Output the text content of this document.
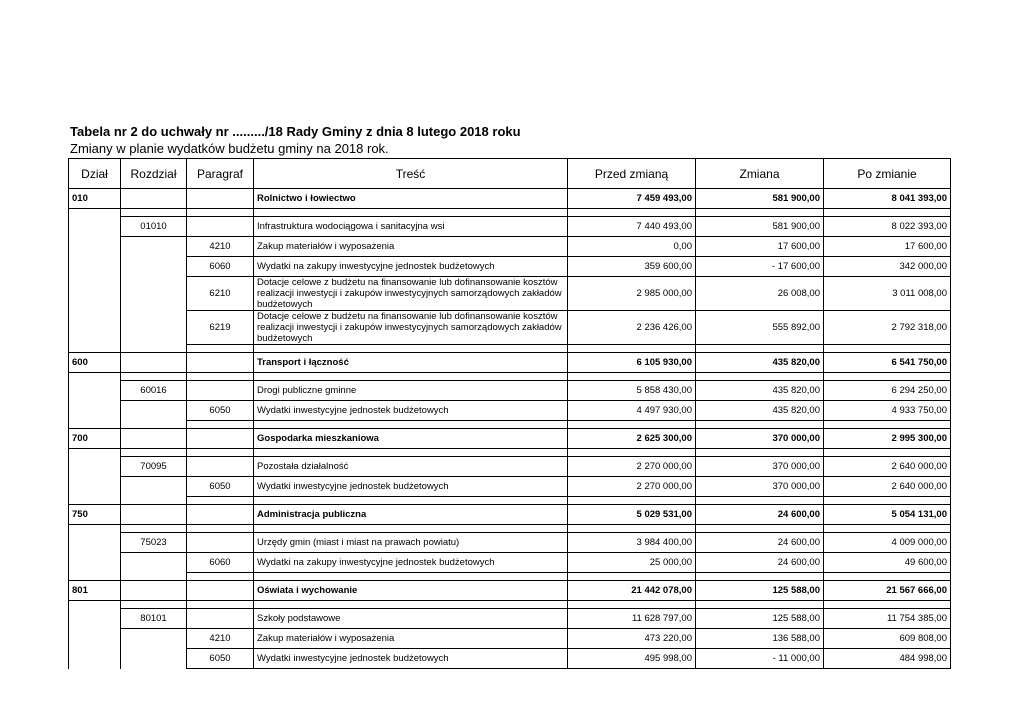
Tabela nr 2 do uchwały nr ........./18 Rady Gminy z dnia 8 lutego 2018 roku
Zmiany w planie wydatków budżetu gminy na 2018 rok.
Dział	Rozdział	Paragraf	Treść	Przed zmianą	Zmiana	Po zmianie
010			Rolnictwo i łowiectwo	7 459 493,00	581 900,00	8 041 393,00

	01010		Infrastruktura wodociągowa i sanitacyjna wsi	7 440 493,00	581 900,00	8 022 393,00
		4210	Zakup materiałów i wyposażenia	0,00	17 600,00	17 600,00
		6060	Wydatki na zakupy inwestycyjne jednostek budżetowych	359 600,00	- 17 600,00	342 000,00
		6210	Dotacje celowe z budżetu na finansowanie lub dofinansowanie kosztów realizacji inwestycji i zakupów inwestycyjnych samorządowych zakładów budżetowych	2 985 000,00	26 008,00	3 011 008,00
		6219	Dotacje celowe z budżetu na finansowanie lub dofinansowanie kosztów realizacji inwestycji i zakupów inwestycyjnych samorządowych zakładów budżetowych	2 236 426,00	555 892,00	2 792 318,00

600			Transport i łączność	6 105 930,00	435 820,00	6 541 750,00

	60016		Drogi publiczne gminne	5 858 430,00	435 820,00	6 294 250,00
		6050	Wydatki inwestycyjne jednostek budżetowych	4 497 930,00	435 820,00	4 933 750,00

700			Gospodarka mieszkaniowa	2 625 300,00	370 000,00	2 995 300,00

	70095		Pozostała działalność	2 270 000,00	370 000,00	2 640 000,00
		6050	Wydatki inwestycyjne jednostek budżetowych	2 270 000,00	370 000,00	2 640 000,00

750			Administracja publiczna	5 029 531,00	24 600,00	5 054 131,00

	75023		Urzędy gmin (miast i miast na prawach powiatu)	3 984 400,00	24 600,00	4 009 000,00
		6060	Wydatki na zakupy inwestycyjne jednostek budżetowych	25 000,00	24 600,00	49 600,00

801			Oświata i wychowanie	21 442 078,00	125 588,00	21 567 666,00

	80101		Szkoły podstawowe	11 628 797,00	125 588,00	11 754 385,00
		4210	Zakup materiałów i wyposażenia	473 220,00	136 588,00	609 808,00
		6050	Wydatki inwestycyjne jednostek budżetowych	495 998,00	- 11 000,00	484 998,00
